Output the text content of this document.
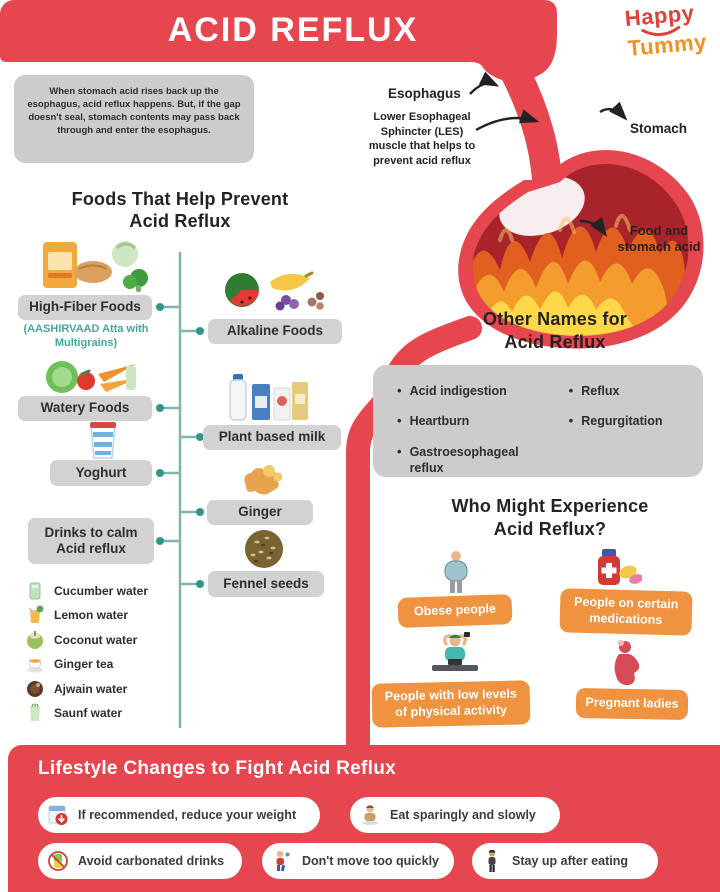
ACID REFLUX	Happy
Tummy
When stomach acid rises back up the esophagus, acid reflux happens. But, if the gap doesn't seal, stomach contents may pass back through and enter the esophagus.
Esophagus
Lower Esophageal Sphincter (LES) muscle that helps to prevent acid reflux
Stomach
Food and
stomach acid
Foods That Help Prevent
Acid Reflux
High-Fiber Foods
(AASHIRVAAD Atta with Multigrains)
Watery Foods
Yoghurt
Drinks to calm Acid reflux
Alkaline Foods
Plant based milk
Ginger
Fennel seeds
Cucumber water
Lemon water
Coconut water
Ginger tea
Ajwain water
Saunf water
Other Names for
Acid Reflux
• Acid indigestion
• Heartburn
• Gastroesophageal reflux
• Reflux
• Regurgitation
Who Might Experience
Acid Reflux?
Obese people	People on certain medications
People with low levels of physical activity	Pregnant ladies
Lifestyle Changes to Fight Acid Reflux
If recommended, reduce your weight	Eat sparingly and slowly
Avoid carbonated drinks	Don't move too quickly	Stay up after eating
